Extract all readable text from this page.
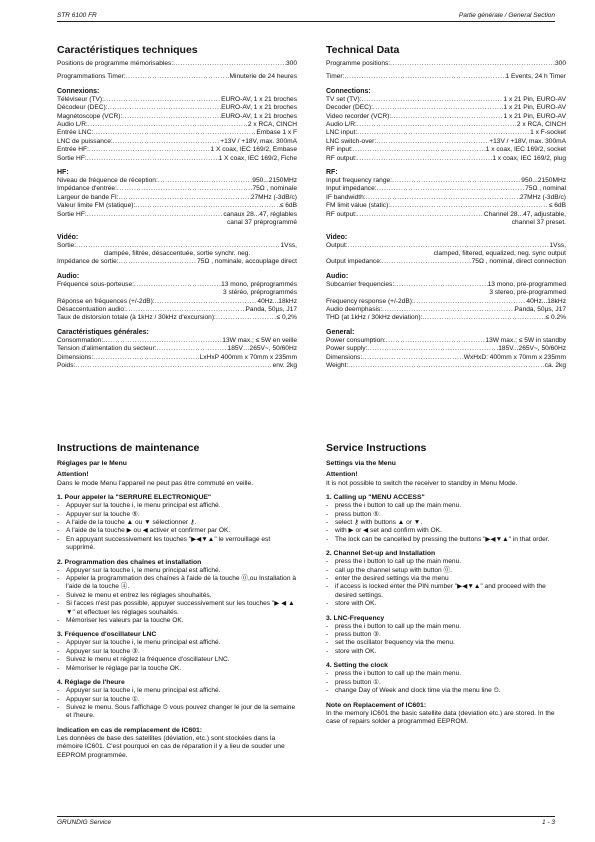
STR 6100 FR	Partie générale / General Section
Caractéristiques techniques
Positions de programme mémorisables: .....	300
Programmations Timer: .....	Minuterie de 24 heures
Connexions:
Téléviseur (TV): .....	EURO-AV, 1 x 21 broches
Décodeur (DEC): .....	EURO-AV, 1 x 21 broches
Magnétoscope (VCR): .....	EURO-AV, 1 x 21 broches
Audio L/R: .....	2 x RCA, CINCH
Entrée LNC: .....	Embase 1 x F
LNC de puissance: .....	+13V / +18V, max. 300mA
Entrée HF: .....	1 X coax, IEC 169/2, Embase
Sortie HF: .....	1 X coax, IEC 169/2, Fiche
HF:
Niveau de fréquence de réception: .....	950...2150MHz
Impédance d'entrée: .....	75Ω , nominale
Largeur de bande FI: .....	27MHz (-3dB/c)
Valeur limite FM (statique): .....	≤ 6dB
Sortie HF: .....	canaux 28...47, réglables
canal 37 préprogrammé
Vidéo:
Sortie: .....	1Vss,
clampée, filtrée, désaccentuée, sortie synchr. neg.
Impédance de sortie: .....	75Ω , nominale, accouplage direct
Audio:
Fréquence sous-porteuse: .....	13 mono, préprogrammés
3 stéréo, préprogrammés
Réponse en fréquences (+/-2dB): .....	40Hz...18kHz
Désaccentuation audio: .....	Panda, 50µs, J17
Taux de distorsion totale (à 1kHz / 30kHz d'excursion): .....	≤ 0,2%
Caractéristiques générales:
Consommation: .....	13W max.; ≤ 5W en veille
Tension d'alimentation du secteur: .....	185V…265V~, 50/60Hz
Dimensions: .....	LxHxP 400mm x 70mm x 235mm
Poids: .....	env. 2kg
Technical Data
Programme positions: .....	300
Timer: .....	1 Events, 24 h Timer
Connections:
TV set (TV): .....	1 x 21 Pin, EURO-AV
Decoder (DEC): .....	1 x 21 Pin, EURO-AV
Video recorder (VCR): .....	1 x 21 Pin, EURO-AV
Audio L/R: .....	2 x RCA, CINCH
LNC input: .....	1 x F-socket
LNC switch-over: .....	+13V / +18V, max. 300mA
RF input: .....	1 x coax, IEC 169/2, socket
RF output: .....	1 x coax, IEC 169/2, plug
RF:
Input frequency range: .....	950...2150MHz
Input impedance: .....	75Ω , nominal
IF bandwidth: .....	27MHz (-3dB/c)
FM limit value (static): .....	≤ 6dB
RF output: .....	Channel 28...47, adjustable,
channel 37 preset.
Video:
Output: .....	1Vss,
clamped, filtered, equalized, neg. sync output
Output impedance: .....	75Ω , nominal, direct connection
Audio:
Subcarrier frequencies: .....	13 mono, pre-programmed
3 stereo, pre-programmed
Frequency response (+/-2dB): .....	40Hz...18kHz
Audio deemphasis: .....	Panda, 50µs, J17
THD (at 1kHz / 30kHz deviation): .....	≤ 0.2%
General:
Power consumption: .....	13W max.; ≤ 5W in standby
Power supply: .....	185V...265V~, 50/60Hz
Dimensions: .....	WxHxD: 400mm x 70mm x 235mm
Weight: .....	ca. 2kg
Instructions de maintenance
Réglages par le Menu

Attention!

Dans le mode Menu l'appareil ne peut pas être commuté en veille.

1. Pour appeler la "SERRURE ELECTRONIQUE"
- Appuyer sur la touche i, le menu principal est affiché.
- Appuyer sur la touche ⑤.
- A l'aide de la touche ▲ ou ▼ sélectionner ⚷.
- A l'aide de la touche ▶ ou ◀ activer et confirmer par OK.
- En appuyant successivement les touches "▶◀▼▲" le verrouillage est supprimé.
2. Programmation des chaînes et installation
- Appuyer sur la touche i, le menu principal est affiché.
- Appeler la programmation des chaînes à l'aide de la touche ⓪,ou Installation à l'aide de la touche ④.
- Suivez le menu et entrez les réglages shouhaités.
- Si l'acces n'est pas possible, appuyer successivement sur les touches "▶ ◀ ▲ ▼" et effectuer les réglages souhaités.
- Mémoriser les valeurs par la touche OK.
3. Fréquence d'oscillateur LNC
- Appuyer sur la touche i, le menu principal est affiché.
- Appuyer sur la touche ③.
- Suivez le menu et réglez la fréquence d'oscillateur LNC.
- Mémoriser le réglage par la touche OK.
4. Réglage de l'heure
- Appuyer sur la touche i, le menu principal est affiché.
- Appuyer sur la touche ①.
- Suivez le menu. Sous l'affichage ⏲ vous pouvez changer le jour de la semaine et l'heure.
Indication en cas de remplacement de IC601:

Les données de base des satellites (déviation, etc.) sont stockées dans la mémoire IC601. C'est pourquoi en cas de réparation il y a lieu de souder une EEPROM programmée.

Service Instructions
Settings via the Menu

Attention!

It is not possible to switch the receiver to standby in Menu Mode.

1. Calling up "MENU ACCESS"
- press the i button to call up the main menu.
- press button ⑤.
- select ⚷ with buttons ▲ or ▼.
- with ▶ or ◀ set and confirm with OK.
- The lock can be cancelled by pressing the buttons "▶◀▼▲" in that order.
2. Channel Set-up and Installation
- press the i button to call up the main menu.
- call up the channel setup with button ⓪.
- enter the desired settings via the menu
- if access is locked enter the PIN number "▶◀▼▲" and proceed with the desired settings.
- store with OK.
3. LNC-Frequency
- press the i button to call up the main menu.
- press button ③.
- set the oscillator frequency via the menu.
- store with OK.
4. Setting the clock
- press the i button to call up the main menu.
- press button ①.
- change Day of Week and clock time via the menu line ⏲.
Note on Replacement of IC601:

In the memory IC601 the basic satellite data (deviation etc.) are stored. In the case of repairs solder a programmed EEPROM.

GRUNDIG Service	1 - 3
